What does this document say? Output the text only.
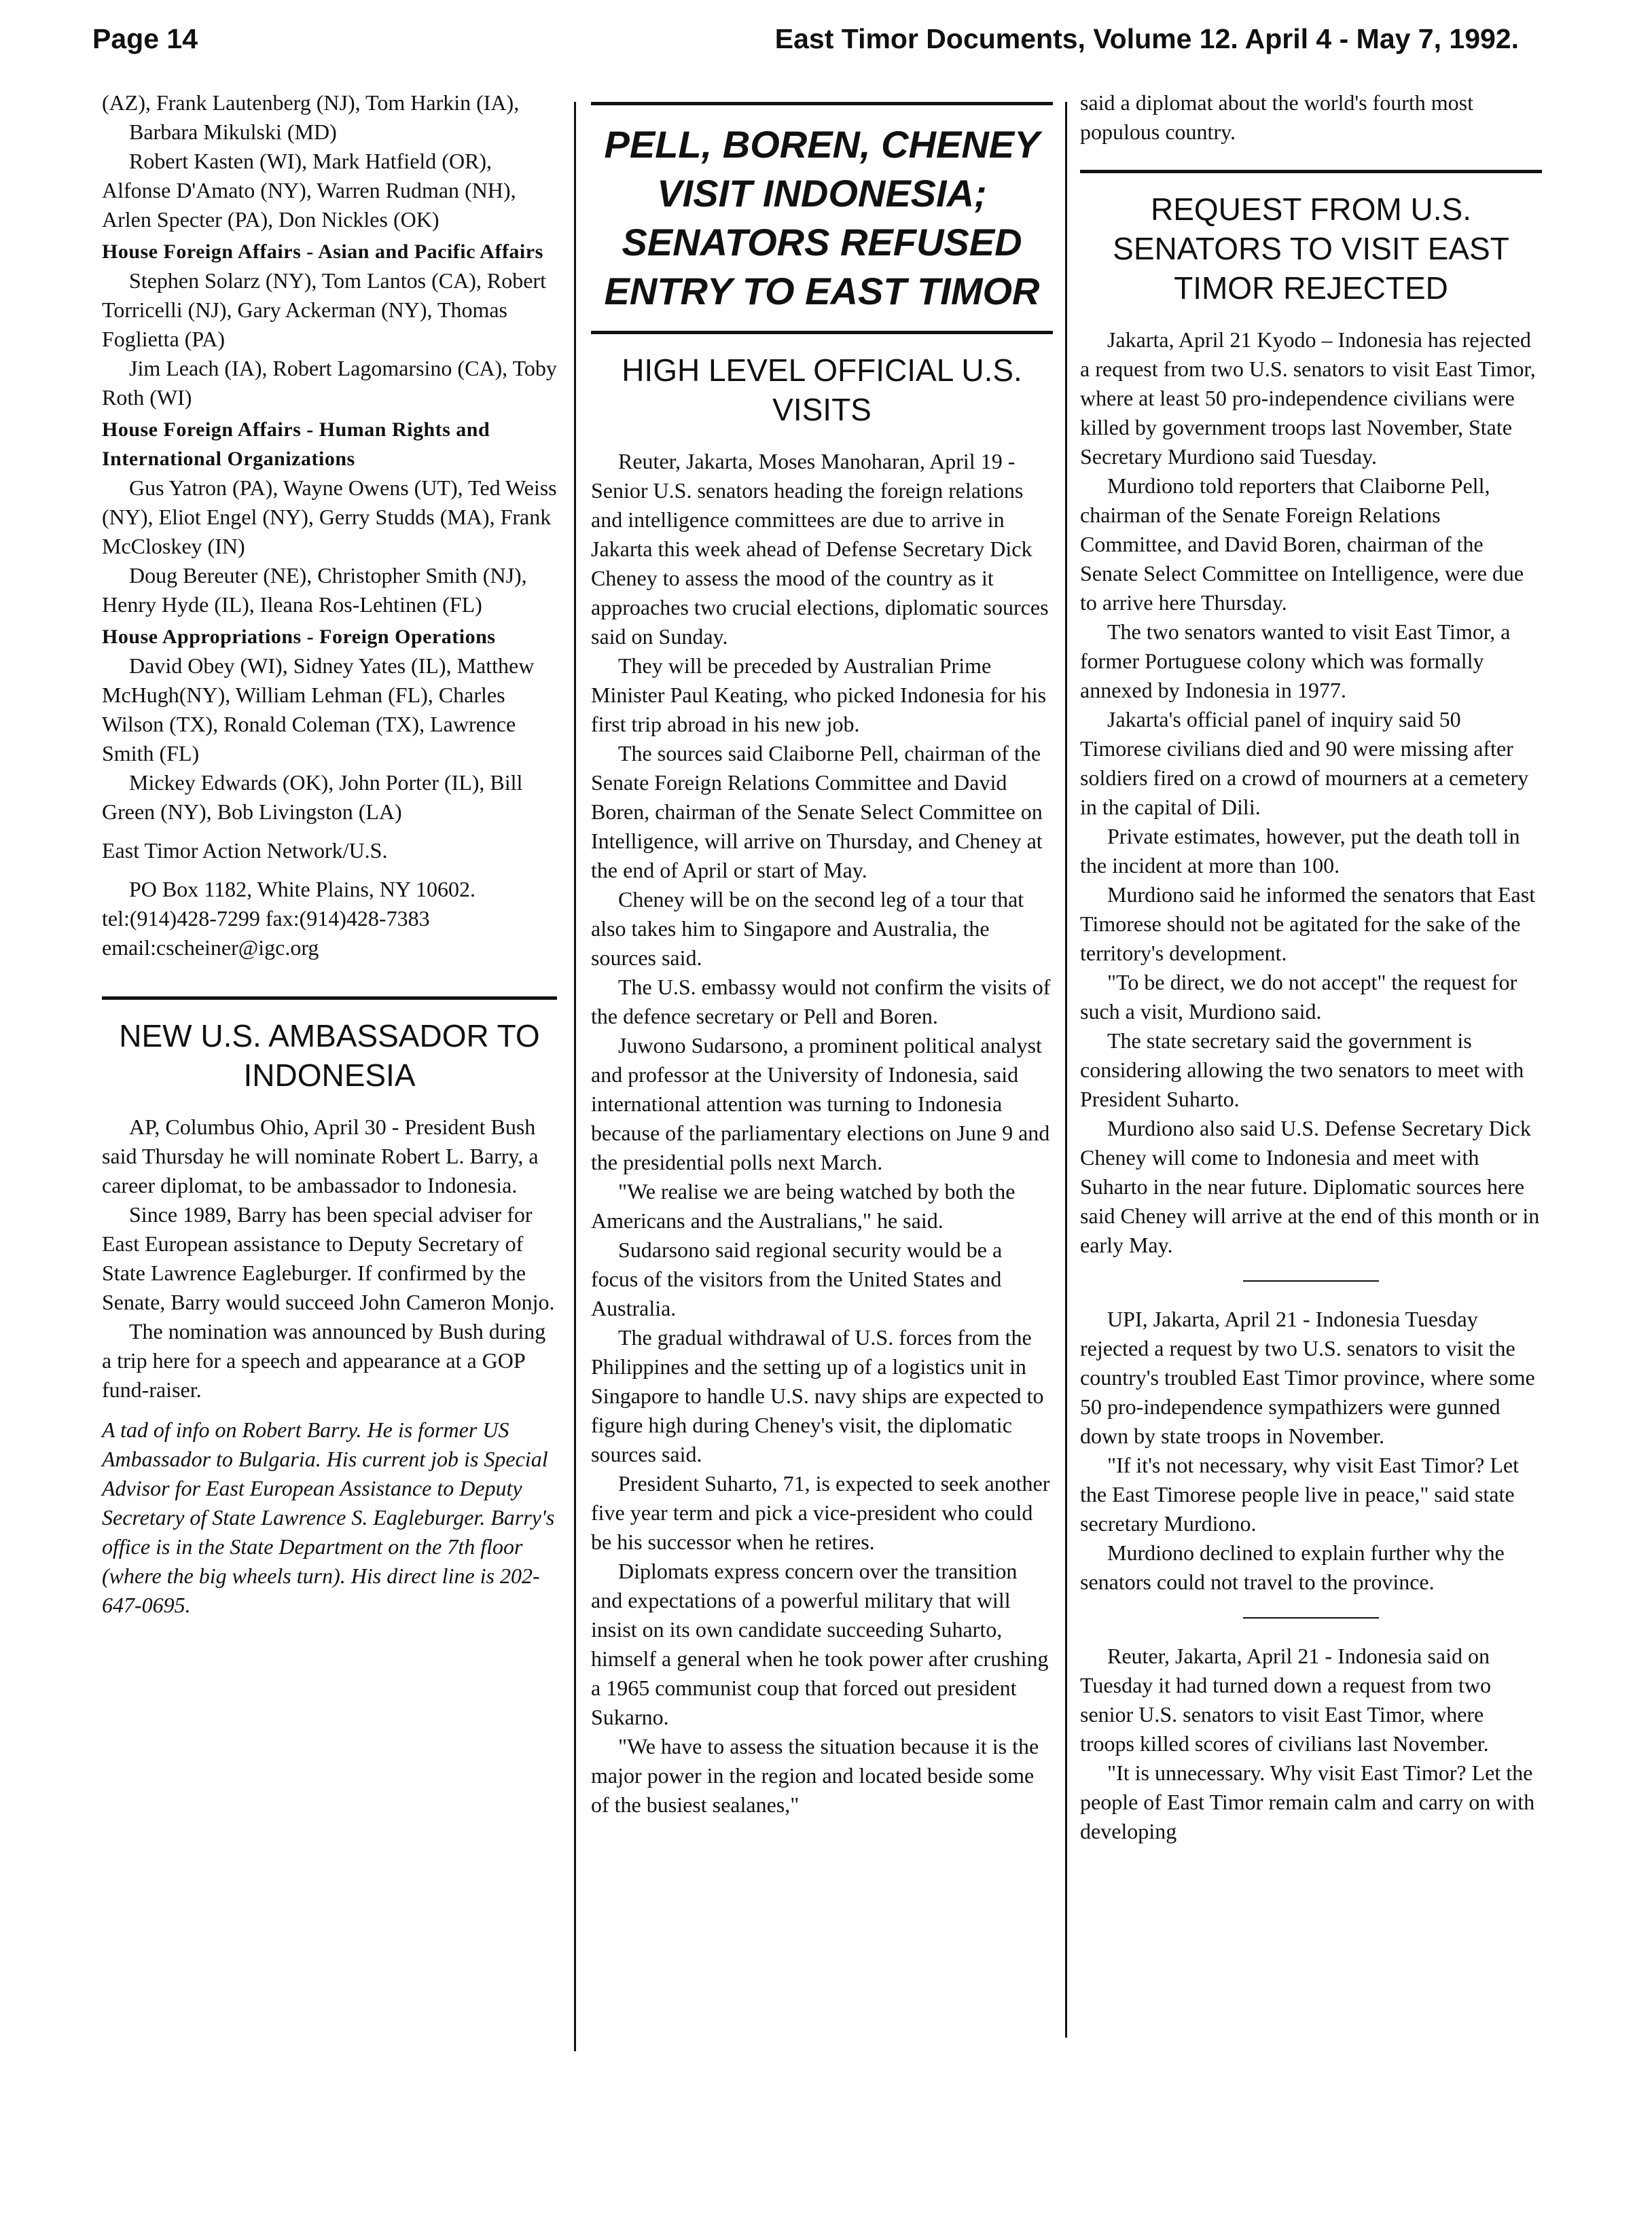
Page 14	East Timor Documents, Volume 12. April 4 - May 7, 1992.

(AZ), Frank Lautenberg (NJ), Tom Harkin (IA), Barbara Mikulski (MD)

Robert Kasten (WI), Mark Hatfield (OR), Alfonse D'Amato (NY), Warren Rudman (NH), Arlen Specter (PA), Don Nickles (OK)

House Foreign Affairs - Asian and Pacific Affairs

Stephen Solarz (NY), Tom Lantos (CA), Robert Torricelli (NJ), Gary Ackerman (NY), Thomas Foglietta (PA)

Jim Leach (IA), Robert Lagomarsino (CA), Toby Roth (WI)

House Foreign Affairs - Human Rights and International Organizations

Gus Yatron (PA), Wayne Owens (UT), Ted Weiss (NY), Eliot Engel (NY), Gerry Studds (MA), Frank McCloskey (IN)

Doug Bereuter (NE), Christopher Smith (NJ), Henry Hyde (IL), Ileana Ros-Lehtinen (FL)

House Appropriations - Foreign Operations

David Obey (WI), Sidney Yates (IL), Matthew McHugh(NY), William Lehman (FL), Charles Wilson (TX), Ronald Coleman (TX), Lawrence Smith (FL)

Mickey Edwards (OK), John Porter (IL), Bill Green (NY), Bob Livingston (LA)

East Timor Action Network/U.S.

PO Box 1182, White Plains, NY 10602.

tel:(914)428-7299 fax:(914)428-7383

email:cscheiner@igc.org

NEW U.S. AMBASSADOR TO INDONESIA

AP, Columbus Ohio, April 30 - President Bush said Thursday he will nominate Robert L. Barry, a career diplomat, to be ambassador to Indonesia.

Since 1989, Barry has been special adviser for East European assistance to Deputy Secretary of State Lawrence Eagleburger. If confirmed by the Senate, Barry would succeed John Cameron Monjo.

The nomination was announced by Bush during a trip here for a speech and appearance at a GOP fund-raiser.

A tad of info on Robert Barry. He is former US Ambassador to Bulgaria. His current job is Special Advisor for East European Assistance to Deputy Secretary of State Lawrence S. Eagleburger. Barry's office is in the State Department on the 7th floor (where the big wheels turn). His direct line is 202-647-0695.

PELL, BOREN, CHENEY VISIT INDONESIA; SENATORS REFUSED ENTRY TO EAST TIMOR
HIGH LEVEL OFFICIAL U.S. VISITS

Reuter, Jakarta, Moses Manoharan, April 19 - Senior U.S. senators heading the foreign relations and intelligence committees are due to arrive in Jakarta this week ahead of Defense Secretary Dick Cheney to assess the mood of the country as it approaches two crucial elections, diplomatic sources said on Sunday.

They will be preceded by Australian Prime Minister Paul Keating, who picked Indonesia for his first trip abroad in his new job.

The sources said Claiborne Pell, chairman of the Senate Foreign Relations Committee and David Boren, chairman of the Senate Select Committee on Intelligence, will arrive on Thursday, and Cheney at the end of April or start of May.

Cheney will be on the second leg of a tour that also takes him to Singapore and Australia, the sources said.

The U.S. embassy would not confirm the visits of the defence secretary or Pell and Boren.

Juwono Sudarsono, a prominent political analyst and professor at the University of Indonesia, said international attention was turning to Indonesia because of the parliamentary elections on June 9 and the presidential polls next March.

"We realise we are being watched by both the Americans and the Australians," he said.

Sudarsono said regional security would be a focus of the visitors from the United States and Australia.

The gradual withdrawal of U.S. forces from the Philippines and the setting up of a logistics unit in Singapore to handle U.S. navy ships are expected to figure high during Cheney's visit, the diplomatic sources said.

President Suharto, 71, is expected to seek another five year term and pick a vice-president who could be his successor when he retires.

Diplomats express concern over the transition and expectations of a powerful military that will insist on its own candidate succeeding Suharto, himself a general when he took power after crushing a 1965 communist coup that forced out president Sukarno.

"We have to assess the situation because it is the major power in the region and located beside some of the busiest sealanes,"

said a diplomat about the world's fourth most populous country.

REQUEST FROM U.S. SENATORS TO VISIT EAST TIMOR REJECTED

Jakarta, April 21 Kyodo – Indonesia has rejected a request from two U.S. senators to visit East Timor, where at least 50 pro-independence civilians were killed by government troops last November, State Secretary Murdiono said Tuesday.

Murdiono told reporters that Claiborne Pell, chairman of the Senate Foreign Relations Committee, and David Boren, chairman of the Senate Select Committee on Intelligence, were due to arrive here Thursday.

The two senators wanted to visit East Timor, a former Portuguese colony which was formally annexed by Indonesia in 1977.

Jakarta's official panel of inquiry said 50 Timorese civilians died and 90 were missing after soldiers fired on a crowd of mourners at a cemetery in the capital of Dili.

Private estimates, however, put the death toll in the incident at more than 100.

Murdiono said he informed the senators that East Timorese should not be agitated for the sake of the territory's development.

"To be direct, we do not accept" the request for such a visit, Murdiono said.

The state secretary said the government is considering allowing the two senators to meet with President Suharto.

Murdiono also said U.S. Defense Secretary Dick Cheney will come to Indonesia and meet with Suharto in the near future. Diplomatic sources here said Cheney will arrive at the end of this month or in early May.

UPI, Jakarta, April 21 - Indonesia Tuesday rejected a request by two U.S. senators to visit the country's troubled East Timor province, where some 50 pro-independence sympathizers were gunned down by state troops in November.

"If it's not necessary, why visit East Timor? Let the East Timorese people live in peace," said state secretary Murdiono.

Murdiono declined to explain further why the senators could not travel to the province.

Reuter, Jakarta, April 21 - Indonesia said on Tuesday it had turned down a request from two senior U.S. senators to visit East Timor, where troops killed scores of civilians last November.

"It is unnecessary. Why visit East Timor? Let the people of East Timor remain calm and carry on with developing
